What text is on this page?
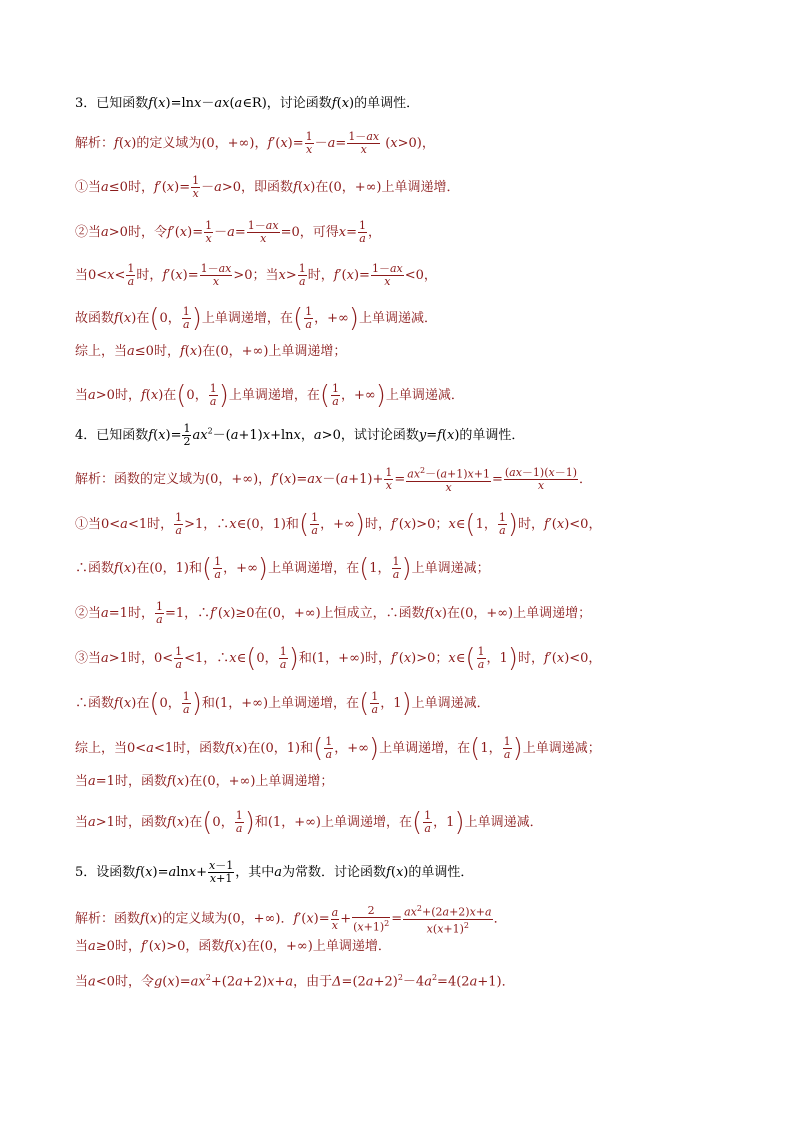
3．已知函数f(x)=lnx－ax(a∈R)，讨论函数f(x)的单调性．
解析：f(x)的定义域为(0，+∞)，$f'(x)= \frac{1}{x} -a= \frac{1-ax}{x} (x>0)$，
①当a≤0时，$f'(x)= \frac{1}{x} -a>0$，即函数f(x)在(0，+∞)上单调递增．
②当a>0时，令$f'(x)= \frac{1}{x} -a= \frac{1-ax}{x} =0$，可得$x= \frac{1}{a}$ ，
当$0<x< \frac{1}{a}$ 时，$f'(x)= \frac{1-ax}{x} >0$；当$x> \frac{1}{a}$ 时，$f'(x)= \frac{1-ax}{x} <0$，
故函数f(x)在(0， $\frac{1}{a}$ )上单调递增，在( $\frac{1}{a}$ ，+∞)上单调递减．
综上，当a≤0时，f(x)在(0，+∞)上单调递增；
当a>0时，f(x)在(0， $\frac{1}{a}$ )上单调递增，在( $\frac{1}{a}$ ，+∞)上单调递减．
4．已知函数$f(x)= \frac{1}{2} ax^2-(a+1)x+\ln x$，a>0，试讨论函数y=f(x)的单调性．
解析：函数的定义域为(0，+∞)，$f'(x)=ax-(a+1)+ \frac{1}{x} = \frac{ax^2-(a+1)x+1}{x} = \frac{(ax-1)(x-1)}{x}$ ．
①当0<a<1时， $\frac{1}{a} >1$，∴x∈(0，1)和( $\frac{1}{a}$ ，+∞)时，f′(x)>0；x∈(1， $\frac{1}{a}$ )时，f′(x)<0，
∴函数f(x)在(0，1)和( $\frac{1}{a}$ ，+∞)上单调递增，在(1， $\frac{1}{a}$ )上单调递减；
②当a=1时， $\frac{1}{a} =1$，∴f′(x)≥0在(0，+∞)上恒成立，∴函数f(x)在(0，+∞)上单调递增；
③当a>1时，$0< \frac{1}{a} <1$，∴x∈(0， $\frac{1}{a}$ )和(1，+∞)时，f′(x)>0；x∈( $\frac{1}{a}$ ，1)时，f′(x)<0，
∴函数f(x)在(0， $\frac{1}{a}$ )和(1，+∞)上单调递增，在( $\frac{1}{a}$ ，1)上单调递减．
综上，当0<a<1时，函数f(x)在(0，1)和( $\frac{1}{a}$ ，+∞)上单调递增，在(1， $\frac{1}{a}$ )上单调递减；
当a=1时，函数f(x)在(0，+∞)上单调递增；
当a>1时，函数f(x)在(0， $\frac{1}{a}$ )和(1，+∞)上单调递增，在( $\frac{1}{a}$ ，1)上单调递减．
5．设函数$f(x)=alnx+ \frac{x-1}{x+1}$ ，其中a为常数．讨论函数f(x)的单调性．
解析：函数f(x)的定义域为(0，+∞)．$f'(x)= \frac{a}{x} + \frac{2}{(x+1)^2} = \frac{ax^2+(2a+2)x+a}{x(x+1)^2}$ ．
当a≥0时，f′(x)>0，函数f(x)在(0，+∞)上单调递增．
当a<0时，令$g(x)=ax^2+(2a+2)x+a$，由于$\Delta=(2a+2)^2-4a^2=4(2a+1)$．
